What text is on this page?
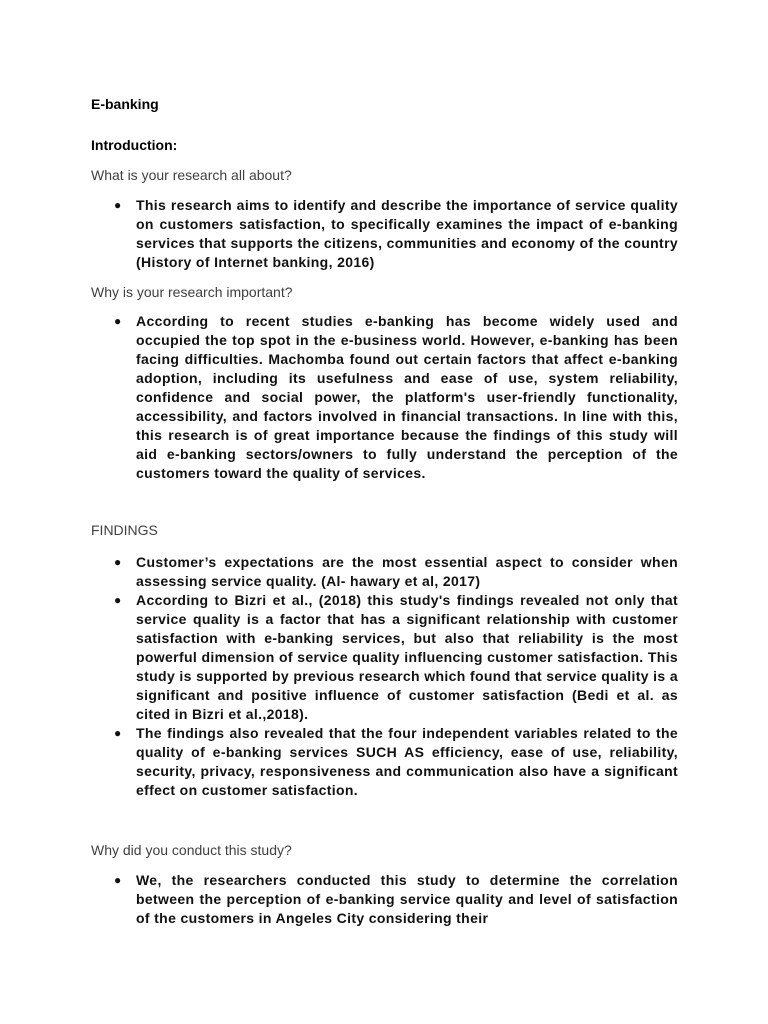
E-banking
Introduction:

What is your research all about?

● This research aims to identify and describe the importance of service quality on customers satisfaction, to specifically examines the impact of e-banking services that supports the citizens, communities and economy of the country (History of Internet banking, 2016)

Why is your research important?

● According to recent studies e-banking has become widely used and occupied the top spot in the e-business world. However, e-banking has been facing difficulties. Machomba found out certain factors that affect e-banking adoption, including its usefulness and ease of use, system reliability, confidence and social power, the platform's user-friendly functionality, accessibility, and factors involved in financial transactions. In line with this, this research is of great importance because the findings of this study will aid e-banking sectors/owners to fully understand the perception of the customers toward the quality of services.

FINDINGS

● Customer’s expectations are the most essential aspect to consider when assessing service quality. (Al- hawary et al, 2017)
● According to Bizri et al., (2018) this study's findings revealed not only that service quality is a factor that has a significant relationship with customer satisfaction with e-banking services, but also that reliability is the most powerful dimension of service quality influencing customer satisfaction. This study is supported by previous research which found that service quality is a significant and positive influence of customer satisfaction (Bedi et al. as cited in Bizri et al.,2018).
● The findings also revealed that the four independent variables related to the quality of e-banking services SUCH AS efficiency, ease of use, reliability, security, privacy, responsiveness and communication also have a significant effect on customer satisfaction.

Why did you conduct this study?

● We, the researchers conducted this study to determine the correlation between the perception of e-banking service quality and level of satisfaction of the customers in Angeles City considering their
